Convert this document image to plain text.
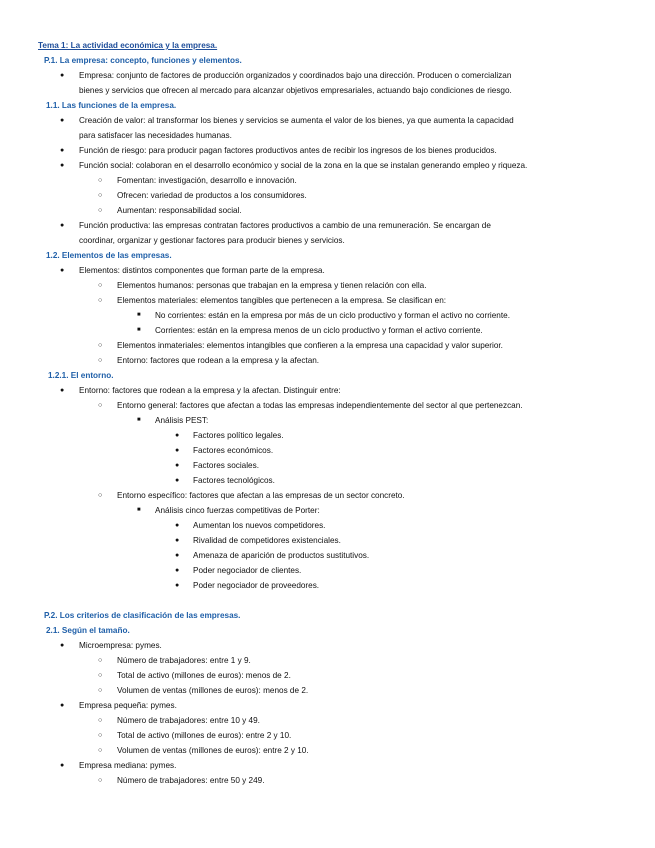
Tema 1: La actividad económica y la empresa.
P.1. La empresa: concepto, funciones y elementos.
● Empresa: conjunto de factores de producción organizados y coordinados bajo una dirección. Producen o comercializan
bienes y servicios que ofrecen al mercado para alcanzar objetivos empresariales, actuando bajo condiciones de riesgo.
1.1. Las funciones de la empresa.
● Creación de valor: al transformar los bienes y servicios se aumenta el valor de los bienes, ya que aumenta la capacidad
para satisfacer las necesidades humanas.
● Función de riesgo: para producir pagan factores productivos antes de recibir los ingresos de los bienes producidos.
● Función social: colaboran en el desarrollo económico y social de la zona en la que se instalan generando empleo y riqueza.
○ Fomentan: investigación, desarrollo e innovación.
○ Ofrecen: variedad de productos a los consumidores.
○ Aumentan: responsabilidad social.
● Función productiva: las empresas contratan factores productivos a cambio de una remuneración. Se encargan de
coordinar, organizar y gestionar factores para producir bienes y servicios.
1.2. Elementos de las empresas.
● Elementos: distintos componentes que forman parte de la empresa.
○ Elementos humanos: personas que trabajan en la empresa y tienen relación con ella.
○ Elementos materiales: elementos tangibles que pertenecen a la empresa. Se clasifican en:
■ No corrientes: están en la empresa por más de un ciclo productivo y forman el activo no corriente.
■ Corrientes: están en la empresa menos de un ciclo productivo y forman el activo corriente.
○ Elementos inmateriales: elementos intangibles que confieren a la empresa una capacidad y valor superior.
○ Entorno: factores que rodean a la empresa y la afectan.
1.2.1. El entorno.
● Entorno: factores que rodean a la empresa y la afectan. Distinguir entre:
○ Entorno general: factores que afectan a todas las empresas independientemente del sector al que pertenezcan.
■ Análisis PEST:
● Factores político legales.
● Factores económicos.
● Factores sociales.
● Factores tecnológicos.
○ Entorno específico: factores que afectan a las empresas de un sector concreto.
■ Análisis cinco fuerzas competitivas de Porter:
● Aumentan los nuevos competidores.
● Rivalidad de competidores existenciales.
● Amenaza de aparición de productos sustitutivos.
● Poder negociador de clientes.
● Poder negociador de proveedores.
P.2. Los criterios de clasificación de las empresas.
2.1. Según el tamaño.
● Microempresa: pymes.
○ Número de trabajadores: entre 1 y 9.
○ Total de activo (millones de euros): menos de 2.
○ Volumen de ventas (millones de euros): menos de 2.
● Empresa pequeña: pymes.
○ Número de trabajadores: entre 10 y 49.
○ Total de activo (millones de euros): entre 2 y 10.
○ Volumen de ventas (millones de euros): entre 2 y 10.
● Empresa mediana: pymes.
○ Número de trabajadores: entre 50 y 249.
